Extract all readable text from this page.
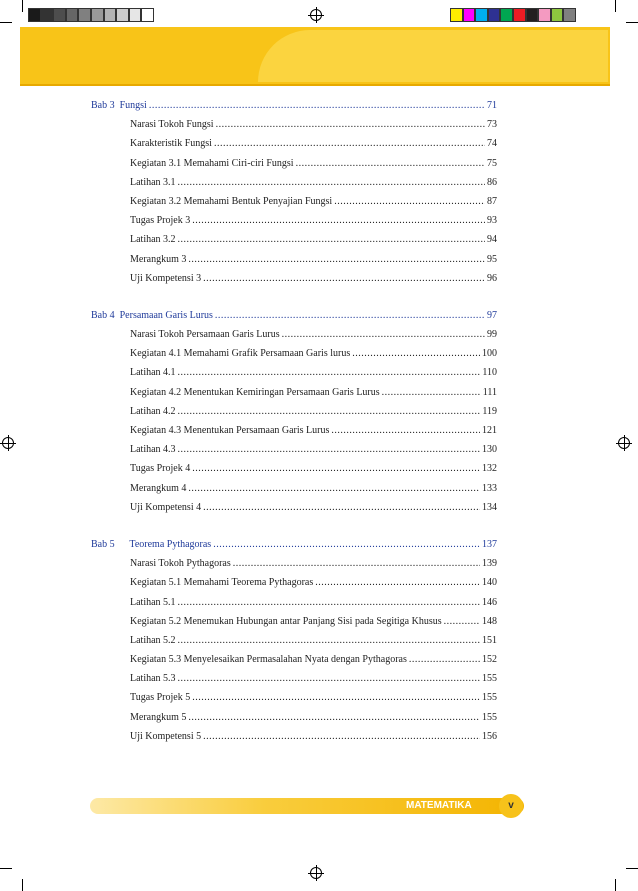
Bab 3  Fungsi .....	71
Narasi Tokoh Fungsi .....	73
Karakteristik Fungsi .....	74
Kegiatan 3.1 Memahami Ciri-ciri Fungsi .....	75
Latihan 3.1 .....	86
Kegiatan 3.2 Memahami Bentuk Penyajian Fungsi .....	87
Tugas Projek 3 .....	93
Latihan 3.2 .....	94
Merangkum 3 .....	95
Uji Kompetensi 3 .....	96
Bab 4  Persamaan Garis Lurus .....	97
Narasi Tokoh Persamaan Garis Lurus .....	99
Kegiatan 4.1 Memahami Grafik Persamaan Garis lurus .....	100
Latihan 4.1 .....	110
Kegiatan 4.2 Menentukan Kemiringan Persamaan Garis Lurus .....	111
Latihan 4.2 .....	119
Kegiatan 4.3 Menentukan Persamaan Garis Lurus .....	121
Latihan 4.3 .....	130
Tugas Projek 4 .....	132
Merangkum 4 .....	133
Uji Kompetensi 4 .....	134
Bab 5      Teorema Pythagoras .....	137
Narasi Tokoh Pythagoras .....	139
Kegiatan 5.1 Memahami Teorema Pythagoras .....	140
Latihan 5.1 .....	146
Kegiatan 5.2 Menemukan Hubungan antar Panjang Sisi pada Segitiga Khusus .....	148
Latihan 5.2 .....	151
Kegiatan 5.3 Menyelesaikan Permasalahan Nyata dengan Pythagoras .....	152
Latihan 5.3 .....	155
Tugas Projek 5 .....	155
Merangkum 5 .....	155
Uji Kompetensi 5 .....	156
MATEMATIKA	v
